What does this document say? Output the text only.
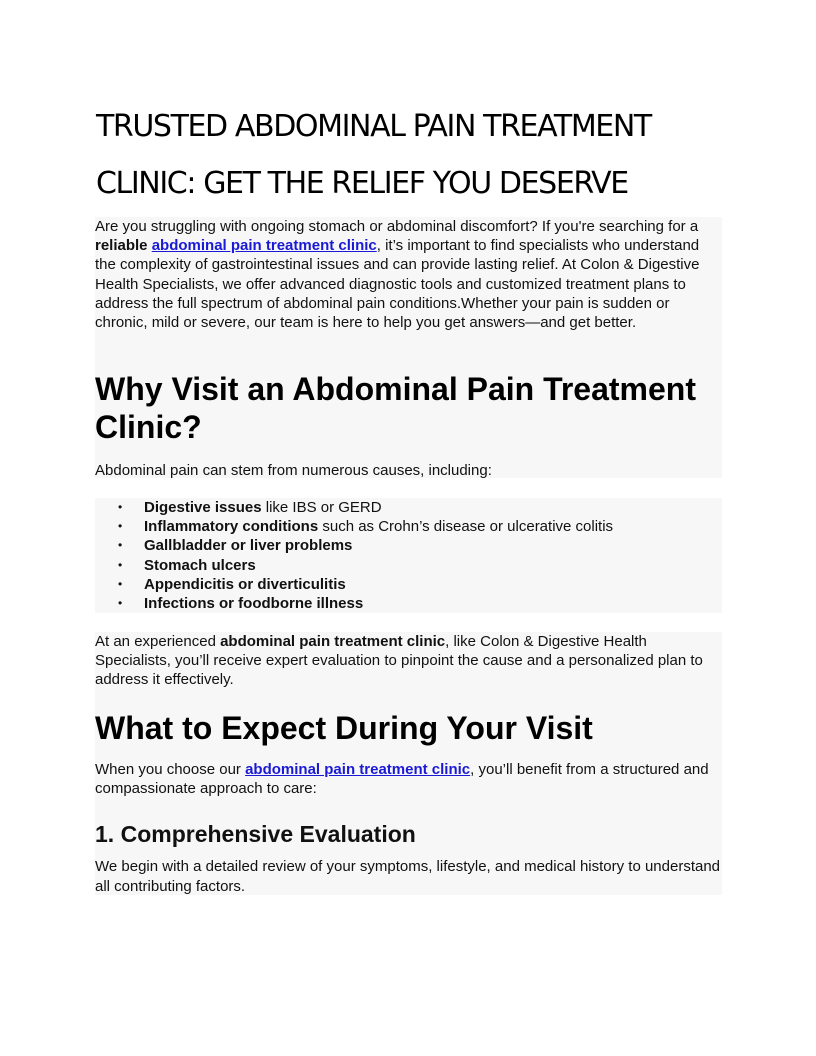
TRUSTED ABDOMINAL PAIN TREATMENT
CLINIC: GET THE RELIEF YOU DESERVE

Are you struggling with ongoing stomach or abdominal discomfort? If you're searching for a reliable abdominal pain treatment clinic, it’s important to find specialists who understand the complexity of gastrointestinal issues and can provide lasting relief. At Colon & Digestive Health Specialists, we offer advanced diagnostic tools and customized treatment plans to address the full spectrum of abdominal pain conditions.Whether your pain is sudden or chronic, mild or severe, our team is here to help you get answers—and get better.

Why Visit an Abdominal Pain Treatment Clinic?

Abdominal pain can stem from numerous causes, including:

• Digestive issues like IBS or GERD
• Inflammatory conditions such as Crohn’s disease or ulcerative colitis
• Gallbladder or liver problems
• Stomach ulcers
• Appendicitis or diverticulitis
• Infections or foodborne illness

At an experienced abdominal pain treatment clinic, like Colon & Digestive Health Specialists, you’ll receive expert evaluation to pinpoint the cause and a personalized plan to address it effectively.

What to Expect During Your Visit

When you choose our abdominal pain treatment clinic, you’ll benefit from a structured and compassionate approach to care:

1. Comprehensive Evaluation

We begin with a detailed review of your symptoms, lifestyle, and medical history to understand all contributing factors.
